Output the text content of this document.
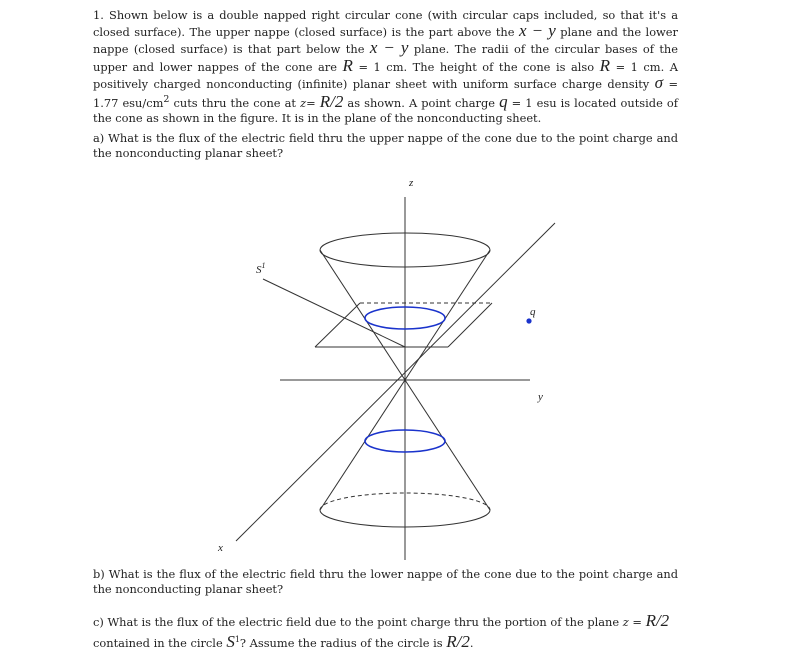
1. Shown below is a double napped right circular cone (with circular caps included, so that it's a closed surface). The upper nappe (closed surface) is the part above the x − y plane and the lower nappe (closed surface) is that part below the x − y plane. The radii of the circular bases of the upper and lower nappes of the cone are R = 1 cm. The height of the cone is also R = 1 cm. A positively charged nonconducting (infinite) planar sheet with uniform surface charge density σ = 1.77 esu/$cm^2$ cuts thru the cone at z= R/2 as shown. A point charge q = 1 esu is located outside of the cone as shown in the figure. It is in the plane of the nonconducting sheet.
a) What is the flux of the electric field thru the upper nappe of the cone due to the point charge and the nonconducting planar sheet?
z
y
x
q
$S^1$
b) What is the flux of the electric field thru the lower nappe of the cone due to the point charge and the nonconducting planar sheet?
c) What is the flux of the electric field due to the point charge thru the portion of the plane z = R/2
contained in the circle $S^1$? Assume the radius of the circle is R/2.
